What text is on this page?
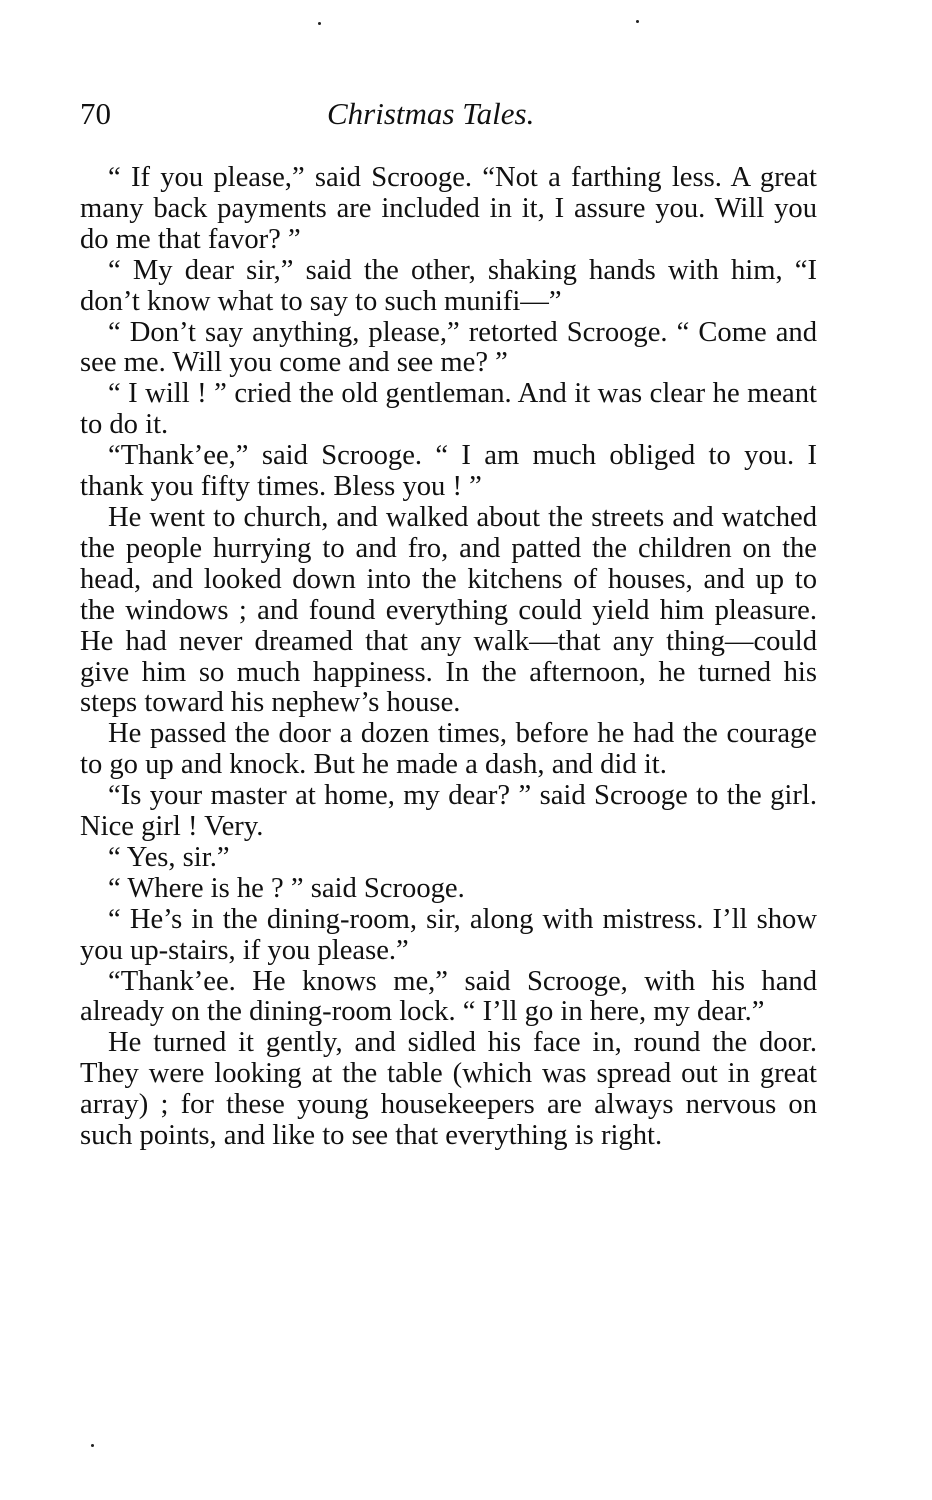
70	Christmas Tales.

“ If you please,” said Scrooge. “Not a farthing less. A great many back payments are included in it, I assure you. Will you do me that favor? ”

“ My dear sir,” said the other, shaking hands with him, “I don’t know what to say to such munifi—”

“ Don’t say anything, please,” retorted Scrooge. “ Come and see me. Will you come and see me? ”

“ I will ! ” cried the old gentleman. And it was clear he meant to do it.

“Thank’ee,” said Scrooge. “ I am much obliged to you. I thank you fifty times. Bless you ! ”

He went to church, and walked about the streets and watched the people hurrying to and fro, and patted the children on the head, and looked down into the kitchens of houses, and up to the windows ; and found everything could yield him pleasure. He had never dreamed that any walk—that any thing—could give him so much happiness. In the afternoon, he turned his steps toward his nephew’s house.

He passed the door a dozen times, before he had the courage to go up and knock. But he made a dash, and did it.

“Is your master at home, my dear? ” said Scrooge to the girl. Nice girl ! Very.

“ Yes, sir.”

“ Where is he ? ” said Scrooge.

“ He’s in the dining-room, sir, along with mistress. I’ll show you up-stairs, if you please.”

“Thank’ee. He knows me,” said Scrooge, with his hand already on the dining-room lock. “ I’ll go in here, my dear.”

He turned it gently, and sidled his face in, round the door. They were looking at the table (which was spread out in great array) ; for these young housekeepers are always nervous on such points, and like to see that everything is right.
